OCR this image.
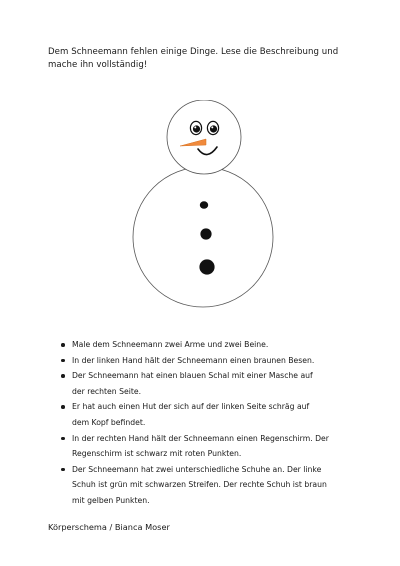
Dem Schneemann fehlen einige Dinge. Lese die Beschreibung und
mache ihn vollständig!
Male dem Schneemann zwei Arme und zwei Beine.
In der linken Hand hält der Schneemann einen braunen Besen.
Der Schneemann hat einen blauen Schal mit einer Masche auf
der rechten Seite.
Er hat auch einen Hut der sich auf der linken Seite schräg auf
dem Kopf befindet.
In der rechten Hand hält der Schneemann einen Regenschirm. Der
Regenschirm ist schwarz mit roten Punkten.
Der Schneemann hat zwei unterschiedliche Schuhe an. Der linke
Schuh ist grün mit schwarzen Streifen. Der rechte Schuh ist braun
mit gelben Punkten.
Körperschema / Bianca Moser
